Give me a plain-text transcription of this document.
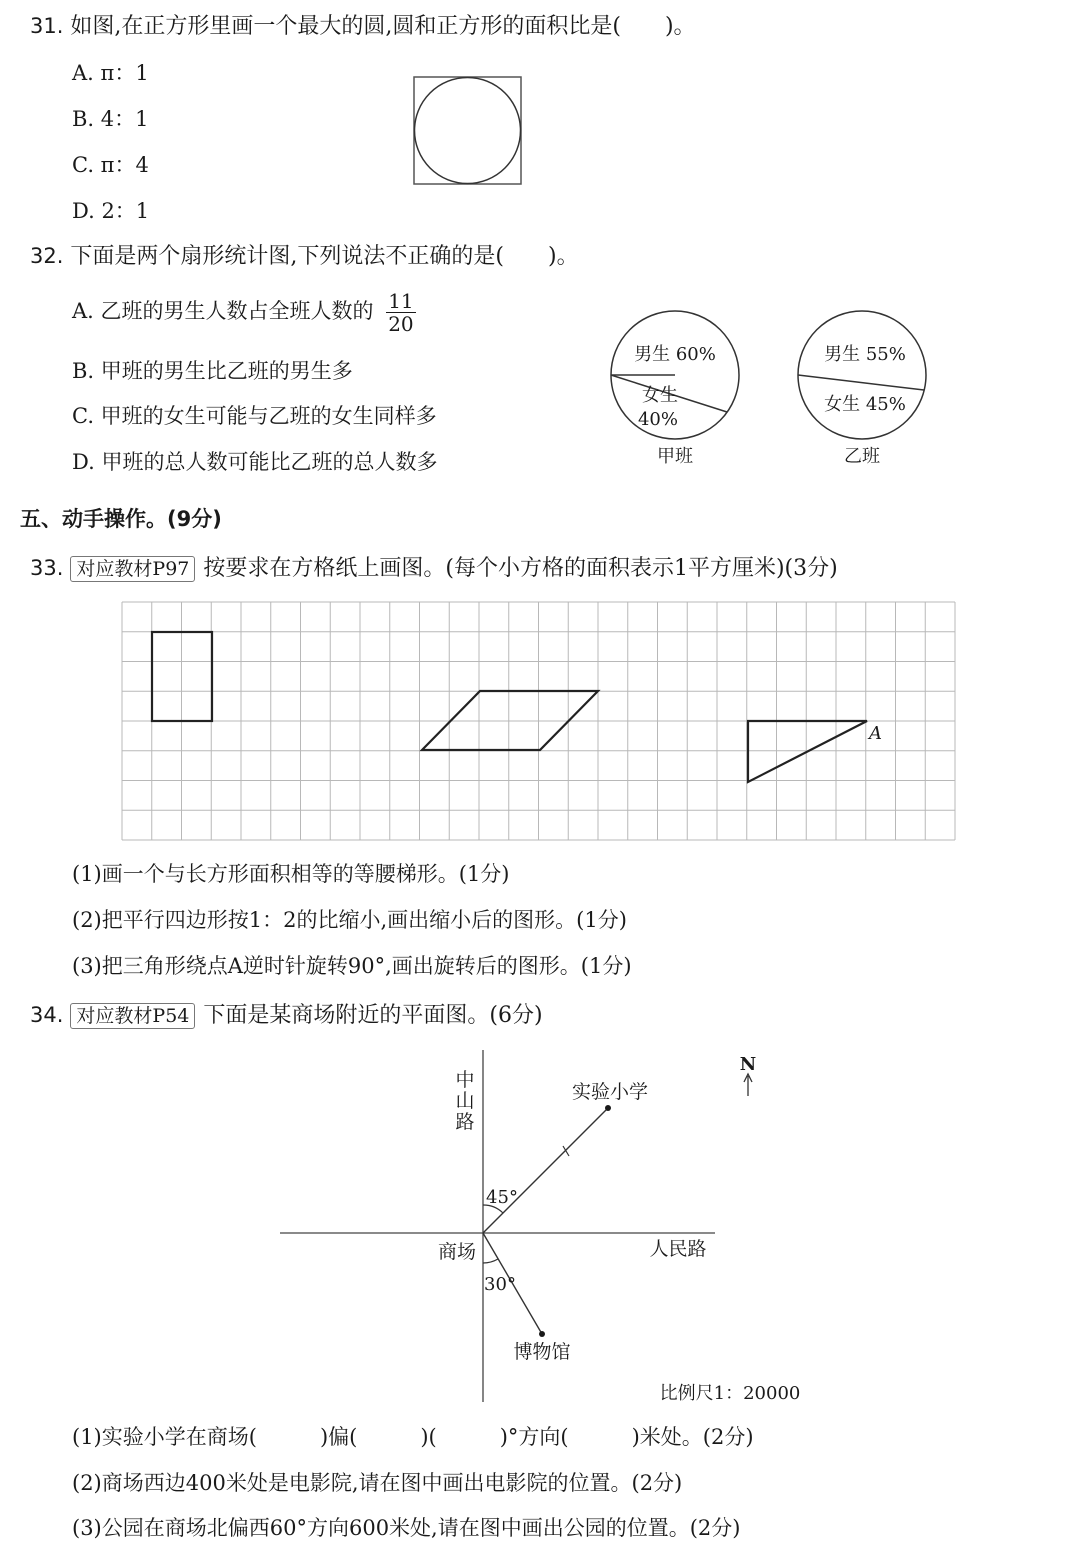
31. 如图,在正方形里画一个最大的圆,圆和正方形的面积比是(　　)。
A. π：1
B. 4：1
C. π：4
D. 2：1
32. 下面是两个扇形统计图,下列说法不正确的是(　　)。
A. 乙班的男生人数占全班人数的 $\frac{11}{20}$
B. 甲班的男生比乙班的男生多
C. 甲班的女生可能与乙班的女生同样多
D. 甲班的总人数可能比乙班的总人数多
男生 60%
女生
40%
甲班
男生 55%
女生 45%
乙班
五、动手操作。(9分)
33. 对应教材P97 按要求在方格纸上画图。(每个小方格的面积表示1平方厘米)(3分)
A
(1)画一个与长方形面积相等的等腰梯形。(1分)
(2)把平行四边形按1：2的比缩小,画出缩小后的图形。(1分)
(3)把三角形绕点A逆时针旋转90°,画出旋转后的图形。(1分)
34. 对应教材P54 下面是某商场附近的平面图。(6分)
中
山
路
人民路
商场
实验小学
45°
博物馆
30°
N
比例尺1：20000
(1)实验小学在商场(　　　)偏(　　　)(　　　)°方向(　　　)米处。(2分)
(2)商场西边400米处是电影院,请在图中画出电影院的位置。(2分)
(3)公园在商场北偏西60°方向600米处,请在图中画出公园的位置。(2分)
